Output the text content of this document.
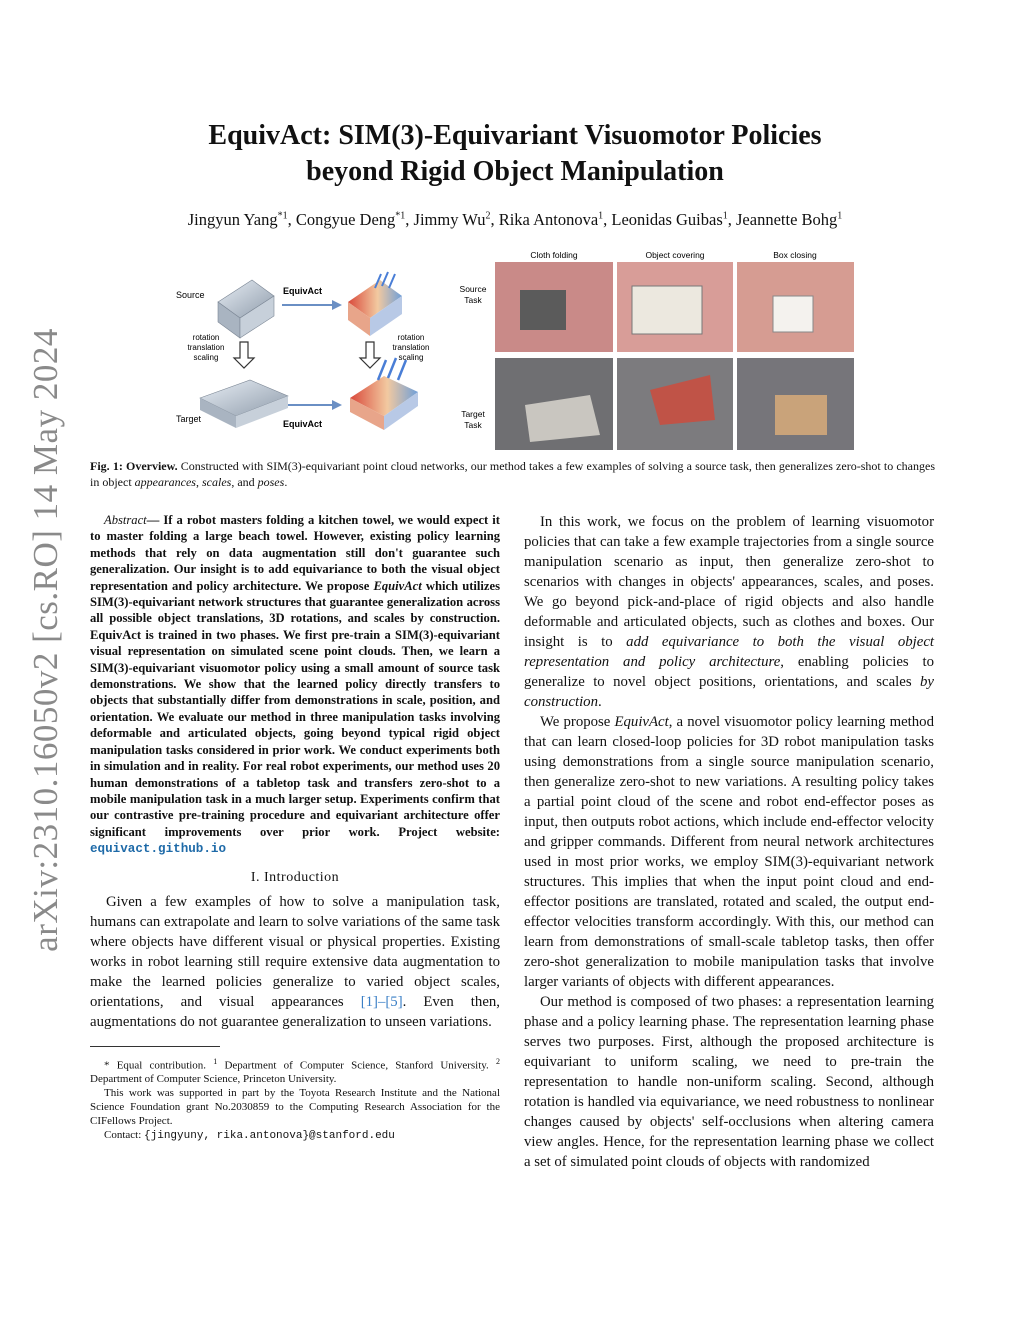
arXiv:2310.16050v2 [cs.RO] 14 May 2024
EquivAct: SIM(3)-Equivariant Visuomotor Policies
beyond Rigid Object Manipulation
Jingyun Yang$^{*1}$, Congyue Deng$^{*1}$, Jimmy Wu$^2$, Rika Antonova$^1$, Leonidas Guibas$^1$, Jeannette Bohg$^1$
Source
Target
EquivAct
EquivAct
rotation
translation
scaling
rotation
translation
scaling
Source
Task
Target
Task
Cloth folding	Object covering	Box closing
Fig. 1: Overview. Constructed with SIM(3)-equivariant point cloud networks, our method takes a few examples of solving a source task, then generalizes zero-shot to changes in object appearances, scales, and poses.

Abstract— If a robot masters folding a kitchen towel, we would expect it to master folding a large beach towel. However, existing policy learning methods that rely on data augmentation still don't guarantee such generalization. Our insight is to add equivariance to both the visual object representation and policy architecture. We propose EquivAct which utilizes SIM(3)-equivariant network structures that guarantee generalization across all possible object translations, 3D rotations, and scales by construction. EquivAct is trained in two phases. We first pre-train a SIM(3)-equivariant visual representation on simulated scene point clouds. Then, we learn a SIM(3)-equivariant visuomotor policy using a small amount of source task demonstrations. We show that the learned policy directly transfers to objects that substantially differ from demonstrations in scale, position, and orientation. We evaluate our method in three manipulation tasks involving deformable and articulated objects, going beyond typical rigid object manipulation tasks considered in prior work. We conduct experiments both in simulation and in reality. For real robot experiments, our method uses 20 human demonstrations of a tabletop task and transfers zero-shot to a mobile manipulation task in a much larger setup. Experiments confirm that our contrastive pre-training procedure and equivariant architecture offer significant improvements over prior work. Project website: equivact.github.io

I. Introduction

Given a few examples of how to solve a manipulation task, humans can extrapolate and learn to solve variations of the same task where objects have different visual or physical properties. Existing works in robot learning still require extensive data augmentation to make the learned policies generalize to varied object scales, orientations, and visual appearances [1]–[5]. Even then, augmentations do not guarantee generalization to unseen variations.

* Equal contribution. $^1$ Department of Computer Science, Stanford University. $^2$ Department of Computer Science, Princeton University.

This work was supported in part by the Toyota Research Institute and the National Science Foundation grant No.2030859 to the Computing Research Association for the CIFellows Project.

Contact: {jingyuny, rika.antonova}@stanford.edu

In this work, we focus on the problem of learning visuomotor policies that can take a few example trajectories from a single source manipulation scenario as input, then generalize zero-shot to scenarios with changes in objects' appearances, scales, and poses. We go beyond pick-and-place of rigid objects and also handle deformable and articulated objects, such as clothes and boxes. Our insight is to add equivariance to both the visual object representation and policy architecture, enabling policies to generalize to novel object positions, orientations, and scales by construction.

We propose EquivAct, a novel visuomotor policy learning method that can learn closed-loop policies for 3D robot manipulation tasks using demonstrations from a single source manipulation scenario, then generalize zero-shot to new variations. A resulting policy takes a partial point cloud of the scene and robot end-effector poses as input, then outputs robot actions, which include end-effector velocity and gripper commands. Different from neural network architectures used in most prior works, we employ SIM(3)-equivariant network structures. This implies that when the input point cloud and end-effector positions are translated, rotated and scaled, the output end-effector velocities transform accordingly. With this, our method can learn from demonstrations of small-scale tabletop tasks, then offer zero-shot generalization to mobile manipulation tasks that involve larger variants of objects with different appearances.

Our method is composed of two phases: a representation learning phase and a policy learning phase. The representation learning phase serves two purposes. First, although the proposed architecture is equivariant to uniform scaling, we need to pre-train the representation to handle non-uniform scaling. Second, although rotation is handled via equivariance, we need robustness to nonlinear changes caused by objects' self-occlusions when altering camera view angles. Hence, for the representation learning phase we collect a set of simulated point clouds of objects with randomized
